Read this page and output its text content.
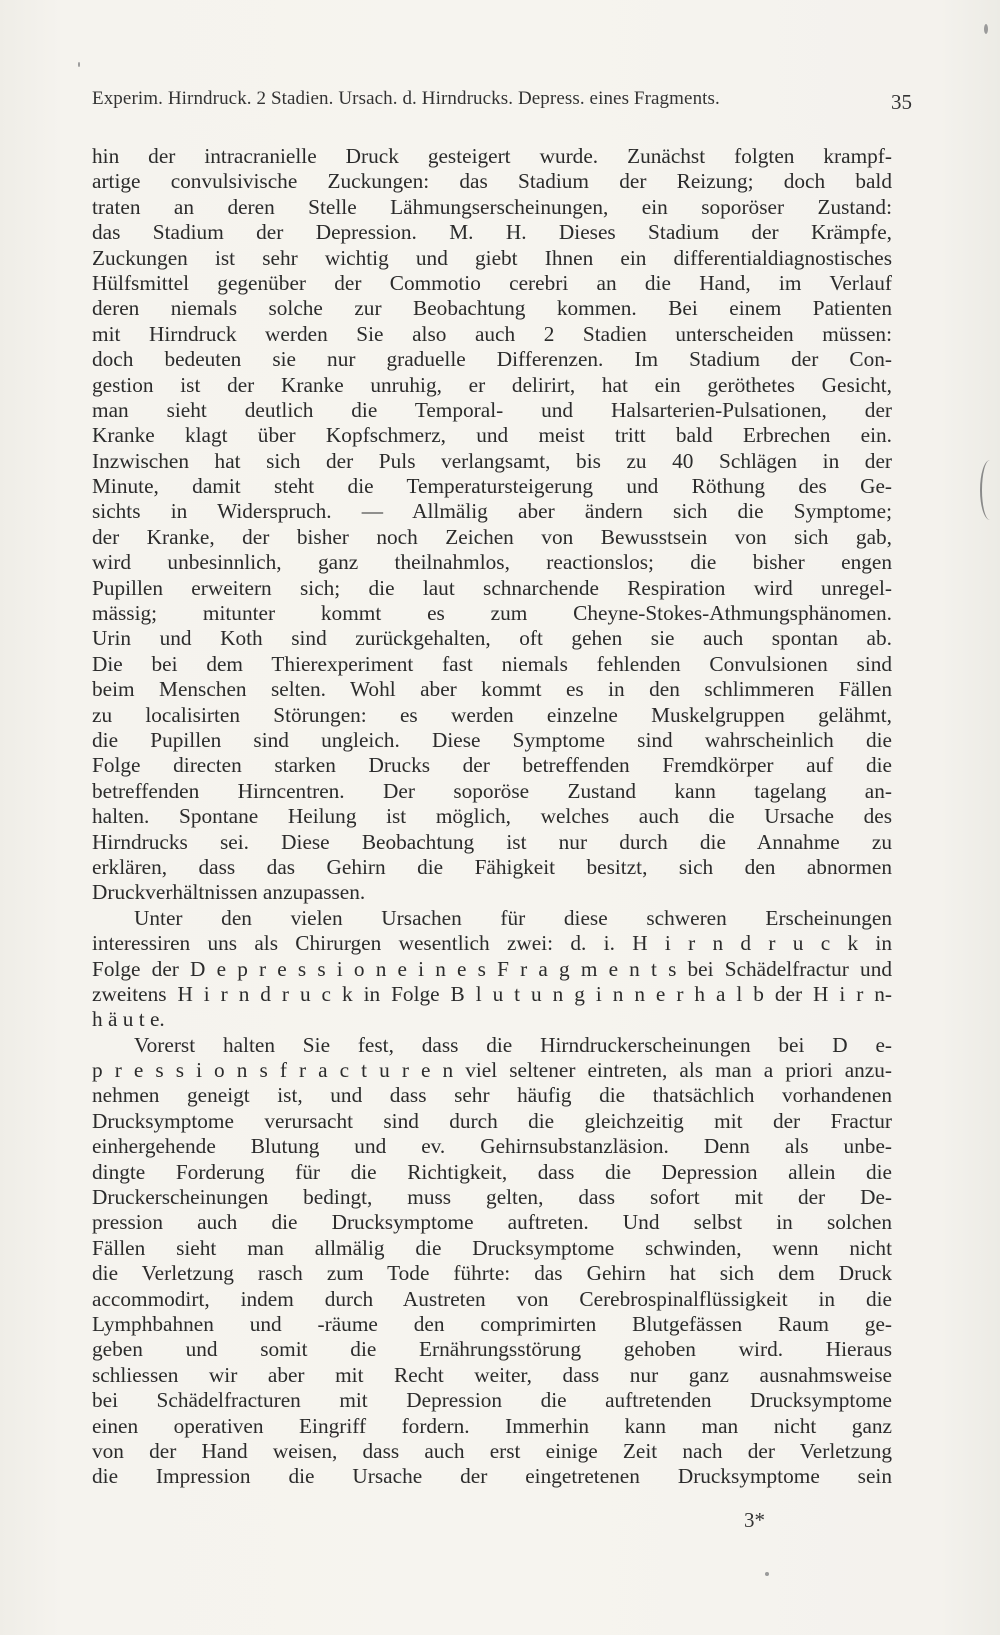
Experim. Hirndruck. 2 Stadien. Ursach. d. Hirndrucks. Depress. eines Fragments.	35
hin der intracranielle Druck gesteigert wurde. Zunächst folgten krampf-
artige convulsivische Zuckungen: das Stadium der Reizung; doch bald
traten an deren Stelle Lähmungserscheinungen, ein soporöser Zustand:
das Stadium der Depression. M. H. Dieses Stadium der Krämpfe,
Zuckungen ist sehr wichtig und giebt Ihnen ein differentialdiagnostisches
Hülfsmittel gegenüber der Commotio cerebri an die Hand, im Verlauf
deren niemals solche zur Beobachtung kommen. Bei einem Patienten
mit Hirndruck werden Sie also auch 2 Stadien unterscheiden müssen:
doch bedeuten sie nur graduelle Differenzen. Im Stadium der Con-
gestion ist der Kranke unruhig, er delirirt, hat ein geröthetes Gesicht,
man sieht deutlich die Temporal- und Halsarterien-Pulsationen, der
Kranke klagt über Kopfschmerz, und meist tritt bald Erbrechen ein.
Inzwischen hat sich der Puls verlangsamt, bis zu 40 Schlägen in der
Minute, damit steht die Temperatursteigerung und Röthung des Ge-
sichts in Widerspruch. — Allmälig aber ändern sich die Symptome;
der Kranke, der bisher noch Zeichen von Bewusstsein von sich gab,
wird unbesinnlich, ganz theilnahmlos, reactionslos; die bisher engen
Pupillen erweitern sich; die laut schnarchende Respiration wird unregel-
mässig; mitunter kommt es zum Cheyne-Stokes-Athmungsphänomen.
Urin und Koth sind zurückgehalten, oft gehen sie auch spontan ab.
Die bei dem Thierexperiment fast niemals fehlenden Convulsionen sind
beim Menschen selten. Wohl aber kommt es in den schlimmeren Fällen
zu localisirten Störungen: es werden einzelne Muskelgruppen gelähmt,
die Pupillen sind ungleich. Diese Symptome sind wahrscheinlich die
Folge directen starken Drucks der betreffenden Fremdkörper auf die
betreffenden Hirncentren. Der soporöse Zustand kann tagelang an-
halten. Spontane Heilung ist möglich, welches auch die Ursache des
Hirndrucks sei. Diese Beobachtung ist nur durch die Annahme zu
erklären, dass das Gehirn die Fähigkeit besitzt, sich den abnormen
Druckverhältnissen anzupassen.
Unter den vielen Ursachen für diese schweren Erscheinungen
interessiren uns als Chirurgen wesentlich zwei: d. i. H i r n d r u c k in
Folge der D e p r e s s i o n e i n e s F r a g m e n t s bei Schädelfractur und
zweitens H i r n d r u c k in Folge B l u t u n g i n n e r h a l b der H i r n-
h ä u t e.
Vorerst halten Sie fest, dass die Hirndruckerscheinungen bei D e-
p r e s s i o n s f r a c t u r e n viel seltener eintreten, als man a priori anzu-
nehmen geneigt ist, und dass sehr häufig die thatsächlich vorhandenen
Drucksymptome verursacht sind durch die gleichzeitig mit der Fractur
einhergehende Blutung und ev. Gehirnsubstanzläsion. Denn als unbe-
dingte Forderung für die Richtigkeit, dass die Depression allein die
Druckerscheinungen bedingt, muss gelten, dass sofort mit der De-
pression auch die Drucksymptome auftreten. Und selbst in solchen
Fällen sieht man allmälig die Drucksymptome schwinden, wenn nicht
die Verletzung rasch zum Tode führte: das Gehirn hat sich dem Druck
accommodirt, indem durch Austreten von Cerebrospinalflüssigkeit in die
Lymphbahnen und -räume den comprimirten Blutgefässen Raum ge-
geben und somit die Ernährungsstörung gehoben wird. Hieraus
schliessen wir aber mit Recht weiter, dass nur ganz ausnahmsweise
bei Schädelfracturen mit Depression die auftretenden Drucksymptome
einen operativen Eingriff fordern. Immerhin kann man nicht ganz
von der Hand weisen, dass auch erst einige Zeit nach der Verletzung
die Impression die Ursache der eingetretenen Drucksymptome sein
3*
